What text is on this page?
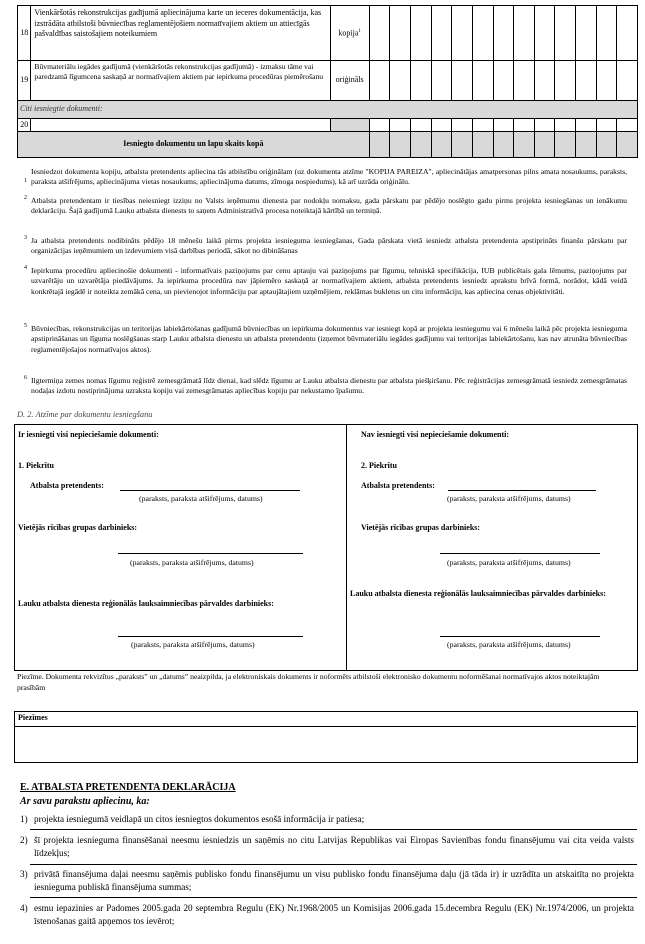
18	Vienkāršotās rekonstrukcijas gadījumā apliecinājuma karte un ieceres dokumentācija, kas izstrādāta atbilstoši būvniecības reglamentējošiem normatīvajiem aktiem un attiecīgās pašvaldības saistošajiem noteikumiem	kopija$^1$													
19	Būvmateriālu iegādes gadījumā (vienkāršotās rekonstrukcijas gadījumā) - izmaksu tāme vai paredzamā līgumcena saskaņā ar normatīvajiem aktiem par iepirkuma procedūras piemērošanu	oriģināls													
Citi iesniegtie dokumenti:															
20															
Iesniegto dokumentu un lapu skaits kopā															
1
Iesniedzot dokumenta kopiju, atbalsta pretendents apliecina tās atbilstību oriģinālam (uz dokumenta atzīme "KOPIJA PAREIZA", apliecinātājas amatpersonas pilns amata nosaukums, paraksts, paraksta atšifrējums, apliecinājuma vietas nosaukums, apliecinājuma datums, zīmoga nospiedums), kā arī uzrāda oriģinālu.
2 Atbalsta pretendentam ir tiesības neiesniegt izziņu no Valsts ieņēmumu dienesta par nodokļu nomaksu, gada pārskatu par pēdējo noslēgto gadu pirms projekta iesniegšanas un ienākumu deklarāciju. Šajā gadījumā Lauku atbalsta dienests to saņem Administratīvā procesa noteiktajā kārtībā un termiņā.
3 Ja atbalsta pretendents nodibināts pēdējo 18 mēnešu laikā pirms projekta iesnieguma iesniegšanas, Gada pārskata vietā iesniedz atbalsta pretendenta apstiprināts finanšu pārskatu par organizācijas ieņēmumiem un izdevumiem visā darbības periodā, sākot no dibināšanas
4 Iepirkuma procedūru apliecinošie dokumenti - informatīvais paziņojums par cenu aptauju vai paziņojums par līgumu, tehniskā specifikācija, IUB publicētais gala lēmums, paziņojums par uzvarētāju un uzvarētāja piedāvājums. Ja iepirkuma procedūra nav jāpiemēro saskaņā ar normatīvajiem aktiem, atbalsta pretendents iesniedz aprakstu brīvā formā, norādot, kādā veidā konkrētajā iegādē ir noteikta zemākā cena, un pievienojot informāciju par aptaujātajiem uzņēmējiem, reklāmas bukletus un citu informāciju, kas apliecina cenas objektivitāti.
5 Būvniecības, rekonstrukcijas un teritorijas labiekārtošanas gadījumā būvniecības un iepirkuma dokumentus var iesniegt kopā ar projekta iesniegumu vai 6 mēnešu laikā pēc projekta iesnieguma apstiprināšanas un līguma noslēgšanas starp Lauku atbalsta dienestu un atbalsta pretendentu (izņemot būvmateriālu iegādes gadījumu vai teritorijas labiekārtošanu, kas nav atrunāta būvniecības reglamentējošajos normatīvajos aktos).
6 Ilgtermiņa zemes nomas līgumu reģistrē zemesgrāmatā līdz dienai, kad slēdz līgumu ar Lauku atbalsta dienestu par atbalsta piešķiršanu. Pēc reģistrācijas zemesgrāmatā iesniedz zemesgrāmatas nodaļas izdotu nostiprinājuma uzraksta kopiju vai zemesgrāmatas apliecības kopiju par nekustamo īpašumu.
D. 2. Atzīme par dokumentu iesniegšanu
Ir iesniegti visi nepieciešamie dokumenti:
1. Piekrītu
Atbalsta pretendents:
(paraksts, paraksta atšifrējums, datums)
Vietējās rīcības grupas darbinieks:
(paraksts, paraksta atšifrējums, datums)
Lauku atbalsta dienesta reģionālās lauksaimniecības pārvaldes darbinieks:
(paraksts, paraksta atšifrējums, datums)
Nav iesniegti visi nepieciešamie dokumenti:
2. Piekrītu
Atbalsta pretendents:
(paraksts, paraksta atšifrējums, datums)
Vietējās rīcības grupas darbinieks:
(paraksts, paraksta atšifrējums, datums)
Lauku atbalsta dienesta reģionālās lauksaimniecības pārvaldes darbinieks:
(paraksts, paraksta atšifrējums, datums)
Piezīme. Dokumenta rekvizītus „paraksts” un „datums” neaizpilda, ja elektroniskais dokuments ir noformēts atbilstoši elektronisko dokumentu noformēšanai normatīvajos aktos noteiktajām prasībām
Piezīmes
E. ATBALSTA PRETENDENTA DEKLARĀCIJA
Ar savu parakstu apliecinu, ka:
1) projekta iesniegumā veidlapā un citos iesniegtos dokumentos esošā informācija ir patiesa;
2) šī projekta iesnieguma finansēšanai neesmu iesniedzis un saņēmis no citu Latvijas Republikas vai Eiropas Savienības fondu finansējumu vai cita veida valsts līdzekļus;
3) privātā finansējuma daļai neesmu saņēmis publisko fondu finansējumu un visu publisko fondu finansējuma daļu (jā tāda ir) ir uzrādīta un atskaitīta no projekta iesnieguma publiskā finansējuma summas;
4) esmu iepazinies ar Padomes 2005.gada 20 septembra Regulu (EK) Nr.1968/2005 un Komisijas 2006.gada 15.decembra Regulu (EK) Nr.1974/2006, un projekta īstenošanas gaitā apņemos tos ievērot;
